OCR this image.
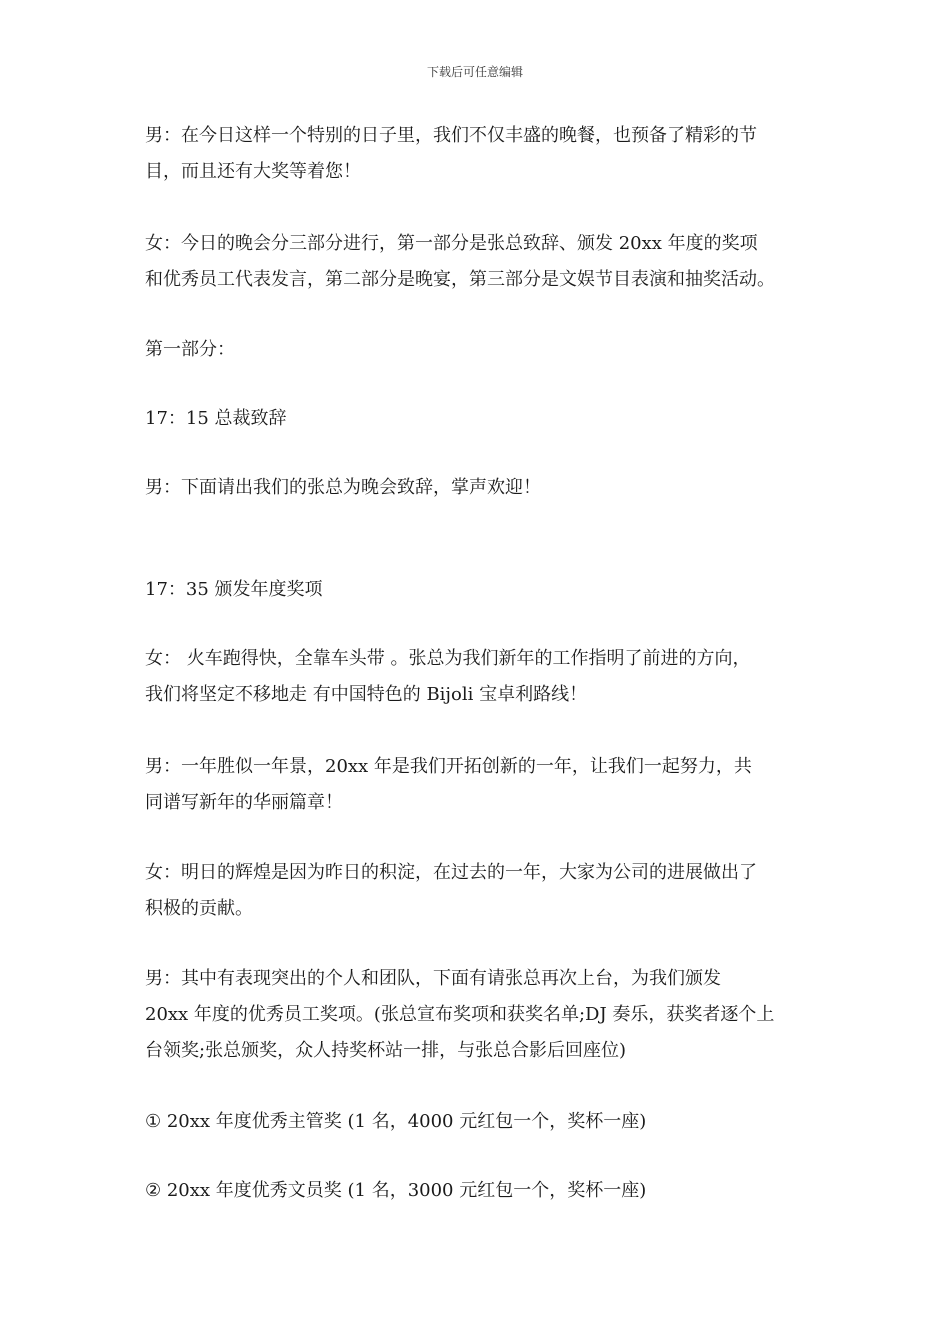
下载后可任意编辑
男：在今日这样一个特别的日子里，我们不仅丰盛的晚餐，也预备了精彩的节
目，而且还有大奖等着您！
女：今日的晚会分三部分进行，第一部分是张总致辞、颁发 20xx 年度的奖项
和优秀员工代表发言，第二部分是晚宴，第三部分是文娱节目表演和抽奖活动。
第一部分：
17：15 总裁致辞
男：下面请出我们的张总为晚会致辞，掌声欢迎！
17：35 颁发年度奖项
女： 火车跑得快，全靠车头带 。张总为我们新年的工作指明了前进的方向，
我们将坚定不移地走 有中国特色的 Bijoli 宝卓利路线！
男：一年胜似一年景，20xx 年是我们开拓创新的一年，让我们一起努力，共
同谱写新年的华丽篇章！
女：明日的辉煌是因为昨日的积淀，在过去的一年，大家为公司的进展做出了
积极的贡献。
男：其中有表现突出的个人和团队，下面有请张总再次上台，为我们颁发
20xx 年度的优秀员工奖项。(张总宣布奖项和获奖名单;DJ 奏乐，获奖者逐个上
台领奖;张总颁奖，众人持奖杯站一排，与张总合影后回座位)
① 20xx 年度优秀主管奖 (1 名，4000 元红包一个，奖杯一座)
② 20xx 年度优秀文员奖 (1 名，3000 元红包一个，奖杯一座)
